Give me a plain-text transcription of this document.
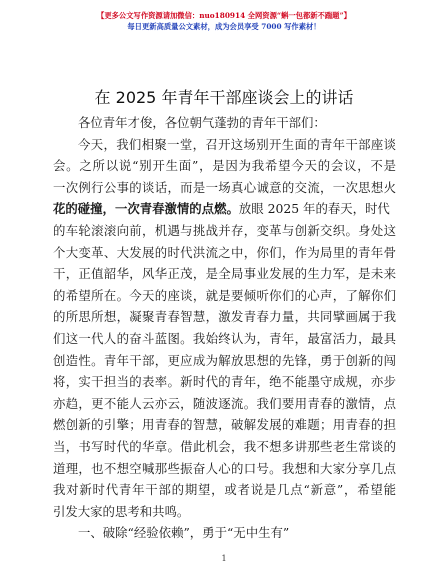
【更多公文写作资源请加微信：nuo180914 全网资源“蝌一包都新不踹题”】
每日更新高质量公文素材，成为会员享受 7000 写作素材！
在 2025 年青年干部座谈会上的讲话
各位青年才俊，各位朝气蓬勃的青年干部们：
今天，我们相聚一堂，召开这场别开生面的青年干部座谈
会。之所以说“别开生面”，是因为我希望今天的会议，不是
一次例行公事的谈话，而是一场真心诚意的交流，一次思想火
花的碰撞，一次青春激情的点燃。放眼 2025 年的春天，时代
的车轮滚滚向前，机遇与挑战并存，变革与创新交织。身处这
个大变革、大发展的时代洪流之中，你们，作为局里的青年骨
干，正值韶华，风华正茂，是全局事业发展的生力军，是未来
的希望所在。今天的座谈，就是要倾听你们的心声，了解你们
的所思所想，凝聚青春智慧，激发青春力量，共同擘画属于我
们这一代人的奋斗蓝图。我始终认为，青年，最富活力，最具
创造性。青年干部，更应成为解放思想的先锋，勇于创新的闯
将，实干担当的表率。新时代的青年，绝不能墨守成规，亦步
亦趋，更不能人云亦云，随波逐流。我们要用青春的激情，点
燃创新的引擎；用青春的智慧，破解发展的难题；用青春的担
当，书写时代的华章。借此机会，我不想多讲那些老生常谈的
道理，也不想空喊那些振奋人心的口号。我想和大家分享几点
我对新时代青年干部的期望，或者说是几点“新意”，希望能
引发大家的思考和共鸣。
一、破除“经验依赖”，勇于“无中生有”
1
